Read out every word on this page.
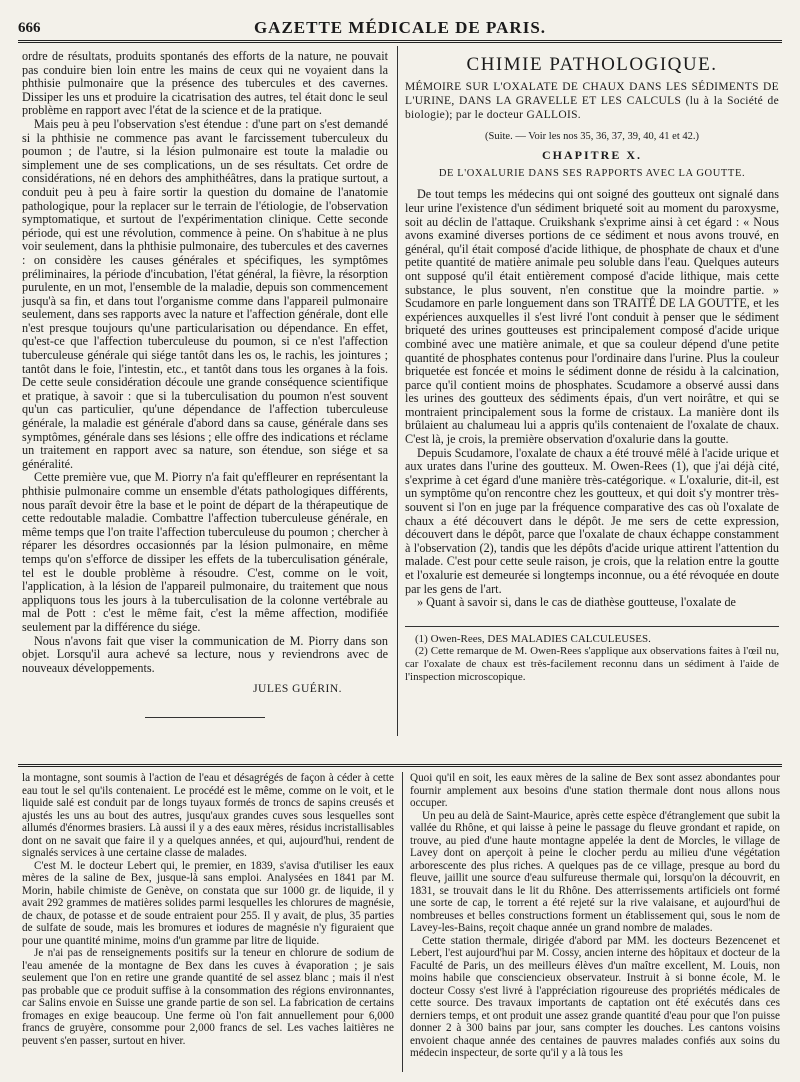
666	GAZETTE MÉDICALE DE PARIS.

ordre de résultats, produits spontanés des efforts de la nature, ne pouvait pas conduire bien loin entre les mains de ceux qui ne voyaient dans la phthisie pulmonaire que la présence des tubercules et des cavernes. Dissiper les uns et produire la cicatrisation des autres, tel était donc le seul problème en rapport avec l'état de la science et de la pratique.

Mais peu à peu l'observation s'est étendue : d'une part on s'est demandé si la phthisie ne commence pas avant le farcissement tuberculeux du poumon ; de l'autre, si la lésion pulmonaire est toute la maladie ou simplement une de ses complications, un de ses résultats. Cet ordre de considérations, né en dehors des amphithéâtres, dans la pratique surtout, a conduit peu à peu à faire sortir la question du domaine de l'anatomie pathologique, pour la replacer sur le terrain de l'étiologie, de l'observation symptomatique, et surtout de l'expérimentation clinique. Cette seconde période, qui est une révolution, commence à peine. On s'habitue à ne plus voir seulement, dans la phthisie pulmonaire, des tubercules et des cavernes : on considère les causes générales et spécifiques, les symptômes préliminaires, la période d'incubation, l'état général, la fièvre, la résorption purulente, en un mot, l'ensemble de la maladie, depuis son commencement jusqu'à sa fin, et dans tout l'organisme comme dans l'appareil pulmonaire seulement, dans ses rapports avec la nature et l'affection générale, dont elle n'est presque toujours qu'une particularisation ou dépendance. En effet, qu'est-ce que l'affection tuberculeuse du poumon, si ce n'est l'affection tuberculeuse générale qui siége tantôt dans les os, le rachis, les jointures ; tantôt dans le foie, l'intestin, etc., et tantôt dans tous les organes à la fois. De cette seule considération découle une grande conséquence scientifique et pratique, à savoir : que si la tuberculisation du poumon n'est souvent qu'un cas particulier, qu'une dépendance de l'affection tuberculeuse générale, la maladie est générale d'abord dans sa cause, générale dans ses symptômes, générale dans ses lésions ; elle offre des indications et réclame un traitement en rapport avec sa nature, son étendue, son siége et sa généralité.

Cette première vue, que M. Piorry n'a fait qu'effleurer en représentant la phthisie pulmonaire comme un ensemble d'états pathologiques différents, nous paraît devoir être la base et le point de départ de la thérapeutique de cette redoutable maladie. Combattre l'affection tuberculeuse générale, en même temps que l'on traite l'affection tuberculeuse du poumon ; chercher à réparer les désordres occasionnés par la lésion pulmonaire, en même temps qu'on s'efforce de dissiper les effets de la tuberculisation générale, tel est le double problème à résoudre. C'est, comme on le voit, l'application, à la lésion de l'appareil pulmonaire, du traitement que nous appliquons tous les jours à la tuberculisation de la colonne vertébrale au mal de Pott : c'est le même fait, c'est la même affection, modifiée seulement par la différence du siége.

Nous n'avons fait que viser la communication de M. Piorry dans son objet. Lorsqu'il aura achevé sa lecture, nous y reviendrons avec de nouveaux développements.

JULES GUÉRIN.
CHIMIE PATHOLOGIQUE.
MÉMOIRE SUR L'OXALATE DE CHAUX DANS LES SÉDIMENTS DE L'URINE, DANS LA GRAVELLE ET LES CALCULS (lu à la Société de biologie); par le docteur GALLOIS.
(Suite. — Voir les nos 35, 36, 37, 39, 40, 41 et 42.)
CHAPITRE X.
DE L'OXALURIE DANS SES RAPPORTS AVEC LA GOUTTE.

De tout temps les médecins qui ont soigné des goutteux ont signalé dans leur urine l'existence d'un sédiment briqueté soit au moment du paroxysme, soit au déclin de l'attaque. Cruikshank s'exprime ainsi à cet égard : « Nous avons examiné diverses portions de ce sédiment et nous avons trouvé, en général, qu'il était composé d'acide lithique, de phosphate de chaux et d'une petite quantité de matière animale peu soluble dans l'eau. Quelques auteurs ont supposé qu'il était entièrement composé d'acide lithique, mais cette substance, le plus souvent, n'en constitue que la moindre partie. » Scudamore en parle longuement dans son TRAITÉ DE LA GOUTTE, et les expériences auxquelles il s'est livré l'ont conduit à penser que le sédiment briqueté des urines goutteuses est principalement composé d'acide urique combiné avec une matière animale, et que sa couleur dépend d'une petite quantité de phosphates contenus pour l'ordinaire dans l'urine. Plus la couleur briquetée est foncée et moins le sédiment donne de résidu à la calcination, parce qu'il contient moins de phosphates. Scudamore a observé aussi dans les urines des goutteux des sédiments épais, d'un vert noirâtre, et qui se montraient principalement sous la forme de cristaux. La manière dont ils brûlaient au chalumeau lui a appris qu'ils contenaient de l'oxalate de chaux. C'est là, je crois, la première observation d'oxalurie dans la goutte.

Depuis Scudamore, l'oxalate de chaux a été trouvé mêlé à l'acide urique et aux urates dans l'urine des goutteux. M. Owen-Rees (1), que j'ai déjà cité, s'exprime à cet égard d'une manière très-catégorique. « L'oxalurie, dit-il, est un symptôme qu'on rencontre chez les goutteux, et qui doit s'y montrer très-souvent si l'on en juge par la fréquence comparative des cas où l'oxalate de chaux a été découvert dans le dépôt. Je me sers de cette expression, découvert dans le dépôt, parce que l'oxalate de chaux échappe constamment à l'observation (2), tandis que les dépôts d'acide urique attirent l'attention du malade. C'est pour cette seule raison, je crois, que la relation entre la goutte et l'oxalurie est demeurée si longtemps inconnue, ou a été révoquée en doute par les gens de l'art.

» Quant à savoir si, dans le cas de diathèse goutteuse, l'oxalate de

(1) Owen-Rees, DES MALADIES CALCULEUSES.

(2) Cette remarque de M. Owen-Rees s'applique aux observations faites à l'œil nu, car l'oxalate de chaux est très-facilement reconnu dans un sédiment à l'aide de l'inspection microscopique.

la montagne, sont soumis à l'action de l'eau et désagrégés de façon à céder à cette eau tout le sel qu'ils contenaient. Le procédé est le même, comme on le voit, et le liquide salé est conduit par de longs tuyaux formés de troncs de sapins creusés et ajustés les uns au bout des autres, jusqu'aux grandes cuves sous lesquelles sont allumés d'énormes brasiers. Là aussi il y a des eaux mères, résidus incristallisables dont on ne savait que faire il y a quelques années, et qui, aujourd'hui, rendent de signalés services à une certaine classe de malades.

C'est M. le docteur Lebert qui, le premier, en 1839, s'avisa d'utiliser les eaux mères de la saline de Bex, jusque-là sans emploi. Analysées en 1841 par M. Morin, habile chimiste de Genève, on constata que sur 1000 gr. de liquide, il y avait 292 grammes de matières solides parmi lesquelles les chlorures de magnésie, de chaux, de potasse et de soude entraient pour 255. Il y avait, de plus, 35 parties de sulfate de soude, mais les bromures et iodures de magnésie n'y figuraient que pour une quantité minime, moins d'un gramme par litre de liquide.

Je n'ai pas de renseignements positifs sur la teneur en chlorure de sodium de l'eau amenée de la montagne de Bex dans les cuves à évaporation ; je sais seulement que l'on en retire une grande quantité de sel assez blanc ; mais il n'est pas probable que ce produit suffise à la consommation des régions environnantes, car Salins envoie en Suisse une grande partie de son sel. La fabrication de certains fromages en exige beaucoup. Une ferme où l'on fait annuellement pour 6,000 francs de gruyère, consomme pour 2,000 francs de sel. Les vaches laitières ne peuvent s'en passer, surtout en hiver.

Quoi qu'il en soit, les eaux mères de la saline de Bex sont assez abondantes pour fournir amplement aux besoins d'une station thermale dont nous allons nous occuper.

Un peu au delà de Saint-Maurice, après cette espèce d'étranglement que subit la vallée du Rhône, et qui laisse à peine le passage du fleuve grondant et rapide, on trouve, au pied d'une haute montagne appelée la dent de Morcles, le village de Lavey dont on aperçoit à peine le clocher perdu au milieu d'une végétation arborescente des plus riches. A quelques pas de ce village, presque au bord du fleuve, jaillit une source d'eau sulfureuse thermale qui, lorsqu'on la découvrit, en 1831, se trouvait dans le lit du Rhône. Des atterrissements artificiels ont formé une sorte de cap, le torrent a été rejeté sur la rive valaisane, et aujourd'hui de nombreuses et belles constructions forment un établissement qui, sous le nom de Lavey-les-Bains, reçoit chaque année un grand nombre de malades.

Cette station thermale, dirigée d'abord par MM. les docteurs Bezencenet et Lebert, l'est aujourd'hui par M. Cossy, ancien interne des hôpitaux et docteur de la Faculté de Paris, un des meilleurs élèves d'un maître excellent, M. Louis, non moins habile que consciencieux observateur. Instruit à si bonne école, M. le docteur Cossy s'est livré à l'appréciation rigoureuse des propriétés médicales de cette source. Des travaux importants de captation ont été exécutés dans ces derniers temps, et ont produit une assez grande quantité d'eau pour que l'on puisse donner 2 à 300 bains par jour, sans compter les douches. Les cantons voisins envoient chaque année des centaines de pauvres malades confiés aux soins du médecin inspecteur, de sorte qu'il y a là tous les
